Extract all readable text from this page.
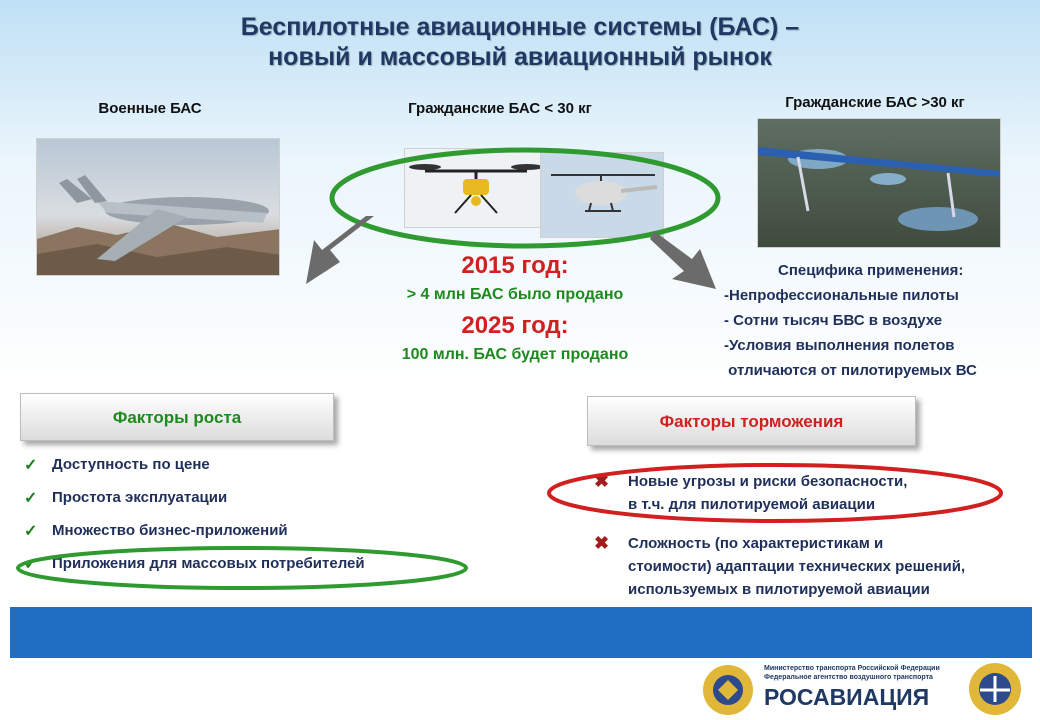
Беспилотные авиационные системы (БАС) –
новый и массовый авиационный рынок
Военные БАС	Гражданские БАС < 30 кг	Гражданские БАС >30 кг
2015 год:
> 4 млн БАС было продано
2025 год:
100 млн. БАС будет продано
Специфика применения:
-Непрофессиональные пилоты
- Сотни тысяч БВС в воздухе
-Условия выполнения полетов
отличаются от пилотируемых ВС
Факторы роста
✓ Доступность по цене
✓ Простота эксплуатации
✓ Множество бизнес-приложений
✓ Приложения для массовых потребителей
Факторы торможения
✖	Новые угрозы и риски безопасности,
в т.ч. для пилотируемой авиации
✖	Сложность (по характеристикам и
стоимости) адаптации технических решений,
используемых в пилотируемой авиации
Министерство транспорта Российской Федерации
Федеральное агентство воздушного транспорта
РОСАВИАЦИЯ
